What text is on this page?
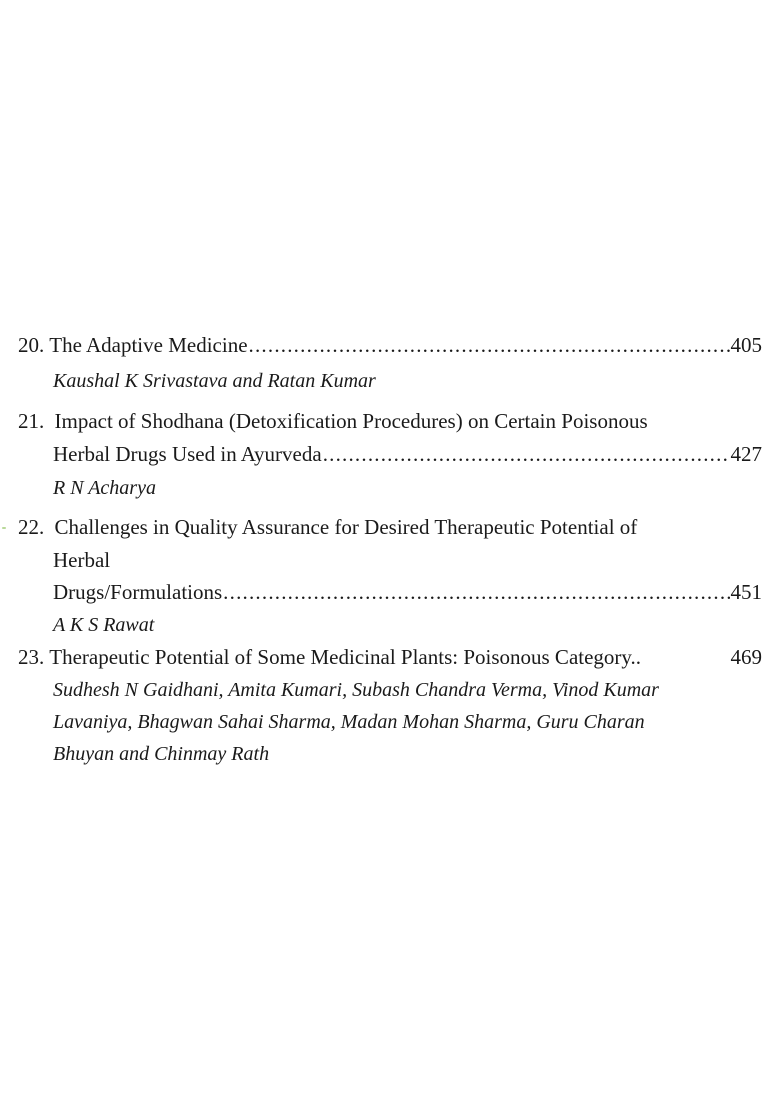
20. The Adaptive Medicine .....	405
Kaushal K Srivastava and Ratan Kumar
21. Impact of Shodhana (Detoxification Procedures) on Certain Poisonous
Herbal Drugs Used in Ayurveda .....	427
R N Acharya
22. Challenges in Quality Assurance for Desired Therapeutic Potential of
Herbal
Drugs/Formulations .....	451
A K S Rawat
23. Therapeutic Potential of Some Medicinal Plants: Poisonous Category..	469
Sudhesh N Gaidhani, Amita Kumari, Subash Chandra Verma, Vinod Kumar
Lavaniya, Bhagwan Sahai Sharma, Madan Mohan Sharma, Guru Charan
Bhuyan and Chinmay Rath
